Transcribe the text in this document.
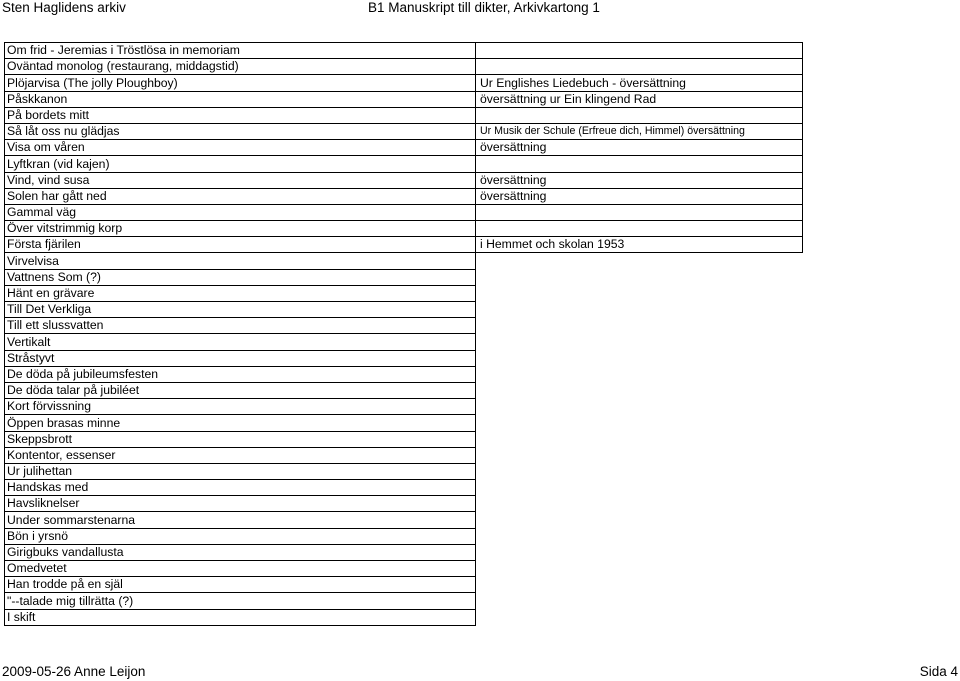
Sten Haglidens arkiv	B1 Manuskript till dikter, Arkivkartong 1
Om frid - Jeremias i Tröstlösa in memoriam	
Oväntad monolog (restaurang, middagstid)	
Plöjarvisa (The jolly Ploughboy)	Ur Englishes Liedebuch - översättning
Påskkanon	översättning ur Ein klingend Rad
På bordets mitt	
Så låt oss nu glädjas	Ur Musik der Schule (Erfreue dich, Himmel) översättning
Visa om våren	översättning
Lyftkran (vid kajen)	
Vind, vind susa	översättning
Solen har gått ned	översättning
Gammal väg	
Över vitstrimmig korp	
Första fjärilen	i Hemmet och skolan 1953
Virvelvisa	
Vattnens Som (?)	
Hänt en grävare	
Till Det Verkliga	
Till ett slussvatten	
Vertikalt	
Stråstyvt	
De döda på jubileumsfesten	
De döda talar på jubiléet	
Kort förvissning	
Öppen brasas minne	
Skeppsbrott	
Kontentor, essenser	
Ur julihettan	
Handskas med	
Havsliknelser	
Under sommarstenarna	
Bön i yrsnö	
Girigbuks vandallusta	
Omedvetet	
Han trodde på en själ	
"--talade mig tillrätta (?)	
I skift	
2009-05-26 Anne Leijon	Sida 4
